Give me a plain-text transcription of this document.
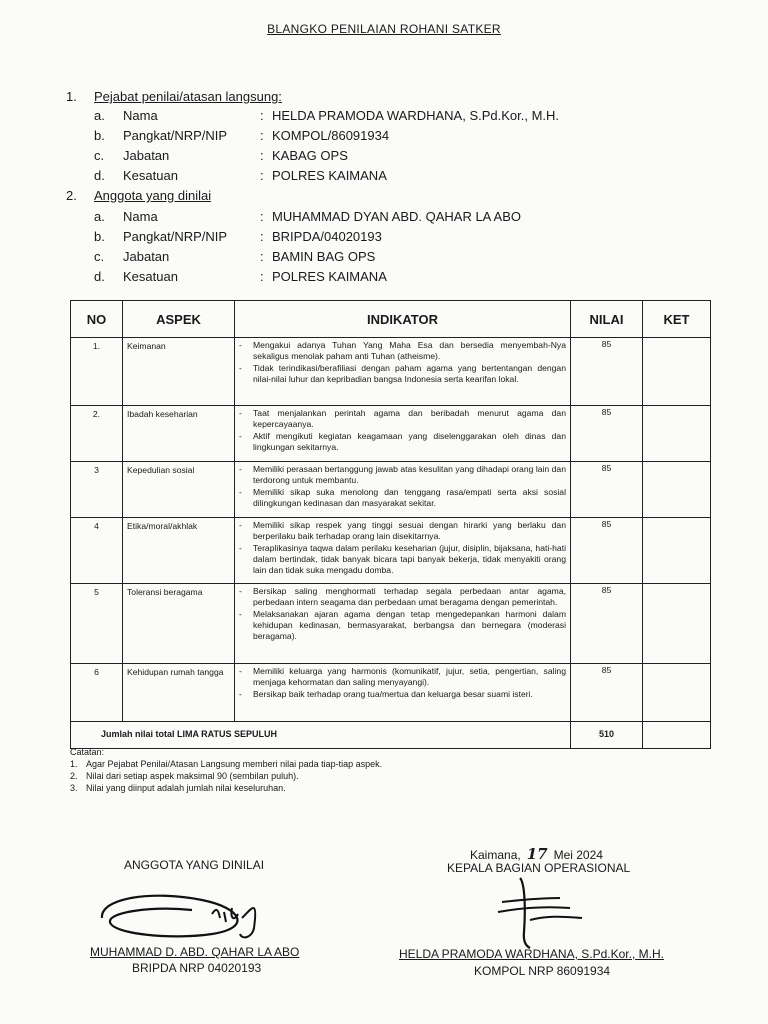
BLANGKO PENILAIAN ROHANI SATKER
1. Pejabat penilai/atasan langsung:
a. Nama	: HELDA PRAMODA WARDHANA, S.Pd.Kor., M.H.
b. Pangkat/NRP/NIP	: KOMPOL/86091934
c. Jabatan	: KABAG OPS
d. Kesatuan	: POLRES KAIMANA
2. Anggota yang dinilai
a. Nama	: MUHAMMAD DYAN ABD. QAHAR LA ABO
b. Pangkat/NRP/NIP	: BRIPDA/04020193
c. Jabatan	: BAMIN BAG OPS
d. Kesatuan	: POLRES KAIMANA
NO	ASPEK	INDIKATOR	NILAI	KET
1.	Keimanan	- Mengakui adanya Tuhan Yang Maha Esa dan bersedia menyembah-Nya sekaligus menolak paham anti Tuhan (atheisme).
- Tidak terindikasi/berafiliasi dengan paham agama yang bertentangan dengan nilai-nilai luhur dan kepribadian bangsa Indonesia serta kearifan lokal.	85	
2.	Ibadah keseharian	- Taat menjalankan perintah agama dan beribadah menurut agama dan kepercayaanya.
- Aktif mengikuti kegiatan keagamaan yang diselenggarakan oleh dinas dan lingkungan sekitarnya.	85	
3	Kepedulian sosial	- Memiliki perasaan bertanggung jawab atas kesulitan yang dihadapi orang lain dan terdorong untuk membantu.
- Memiliki sikap suka menolong dan tenggang rasa/empati serta aksi sosial dilingkungan kedinasan dan masyarakat sekitar.	85	
4	Etika/moral/akhlak	- Memiliki sikap respek yang tinggi sesuai dengan hirarki yang berlaku dan berperilaku baik terhadap orang lain disekitarnya.
- Teraplikasinya taqwa dalam perilaku keseharian (jujur, disiplin, bijaksana, hati-hati dalam bertindak, tidak banyak bicara tapi banyak bekerja, tidak menyakiti orang lain dan tidak suka mengadu domba.	85	
5	Toleransi beragama	- Bersikap saling menghormati terhadap segala perbedaan antar agama, perbedaan intern seagama dan perbedaan umat beragama dengan pemerintah.
- Melaksanakan ajaran agama dengan tetap mengedepankan harmoni dalam kehidupan kedinasan, bermasyarakat, berbangsa dan bernegara (moderasi beragama).	85	
6	Kehidupan rumah tangga	- Memiliki keluarga yang harmonis (komunikatif, jujur, setia, pengertian, saling menjaga kehormatan dan saling menyayangi).
- Bersikap baik terhadap orang tua/mertua dan keluarga besar suami isteri.	85	
Jumlah nilai total LIMA RATUS SEPULUH			510	
Catatan:
1. Agar Pejabat Penilai/Atasan Langsung memberi nilai pada tiap-tiap aspek.
2. Nilai dari setiap aspek maksimal 90 (sembilan puluh).
3. Nilai yang diinput adalah jumlah nilai keseluruhan.
Kaimana, 17 Mei 2024
ANGGOTA YANG DINILAI
MUHAMMAD D. ABD. QAHAR LA ABO
BRIPDA NRP 04020193
KEPALA BAGIAN OPERASIONAL
HELDA PRAMODA WARDHANA, S.Pd.Kor., M.H.
KOMPOL NRP 86091934
